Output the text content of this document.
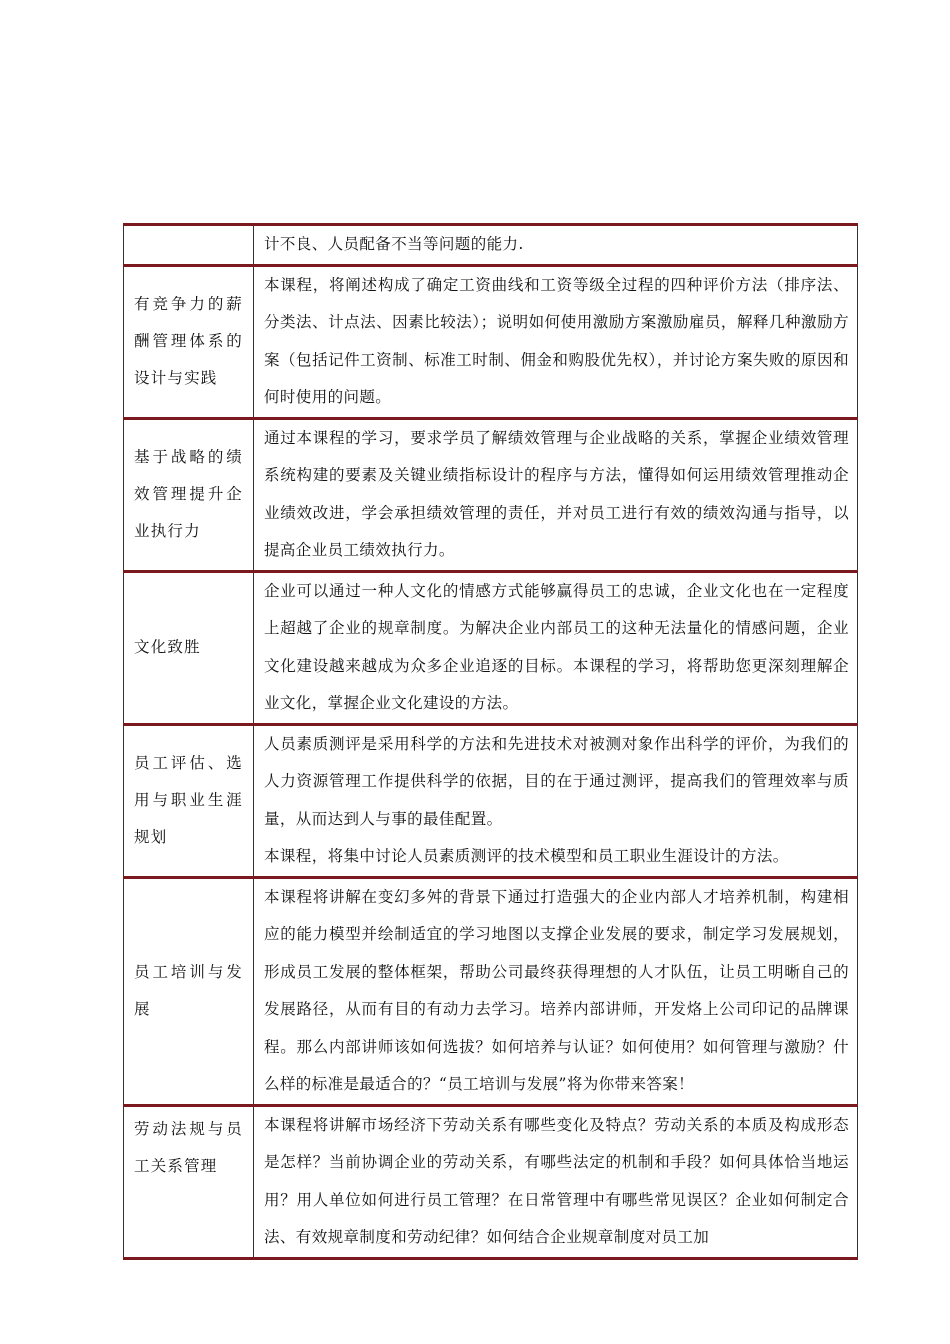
	计不良、人员配备不当等问题的能力.

有竞争力的薪酬管理体系的设计与实践	本课程，将阐述构成了确定工资曲线和工资等级全过程的四种评价方法（排序法、分类法、计点法、因素比较法）；说明如何使用激励方案激励雇员，解释几种激励方案（包括记件工资制、标准工时制、佣金和购股优先权），并讨论方案失败的原因和何时使用的问题。

基于战略的绩效管理提升企业执行力	通过本课程的学习，要求学员了解绩效管理与企业战略的关系，掌握企业绩效管理系统构建的要素及关键业绩指标设计的程序与方法，懂得如何运用绩效管理推动企业绩效改进，学会承担绩效管理的责任，并对员工进行有效的绩效沟通与指导，以提高企业员工绩效执行力。

文化致胜	企业可以通过一种人文化的情感方式能够赢得员工的忠诚，企业文化也在一定程度上超越了企业的规章制度。为解决企业内部员工的这种无法量化的情感问题，企业文化建设越来越成为众多企业追逐的目标。本课程的学习，将帮助您更深刻理解企业文化，掌握企业文化建设的方法。

员工评估、选用与职业生涯规划	人员素质测评是采用科学的方法和先进技术对被测对象作出科学的评价，为我们的人力资源管理工作提供科学的依据，目的在于通过测评，提高我们的管理效率与质量，从而达到人与事的最佳配置。

本课程，将集中讨论人员素质测评的技术模型和员工职业生涯设计的方法。

员工培训与发展	本课程将讲解在变幻多舛的背景下通过打造强大的企业内部人才培养机制，构建相应的能力模型并绘制适宜的学习地图以支撑企业发展的要求，制定学习发展规划，形成员工发展的整体框架，帮助公司最终获得理想的人才队伍，让员工明晰自己的发展路径，从而有目的有动力去学习。培养内部讲师，开发烙上公司印记的品牌课程。那么内部讲师该如何选拔？如何培养与认证？如何使用？如何管理与激励？什么样的标准是最适合的？“员工培训与发展”将为你带来答案！

劳动法规与员工关系管理	本课程将讲解市场经济下劳动关系有哪些变化及特点？劳动关系的本质及构成形态是怎样？当前协调企业的劳动关系，有哪些法定的机制和手段？如何具体恰当地运用？用人单位如何进行员工管理？在日常管理中有哪些常见误区？企业如何制定合法、有效规章制度和劳动纪律？如何结合企业规章制度对员工加
